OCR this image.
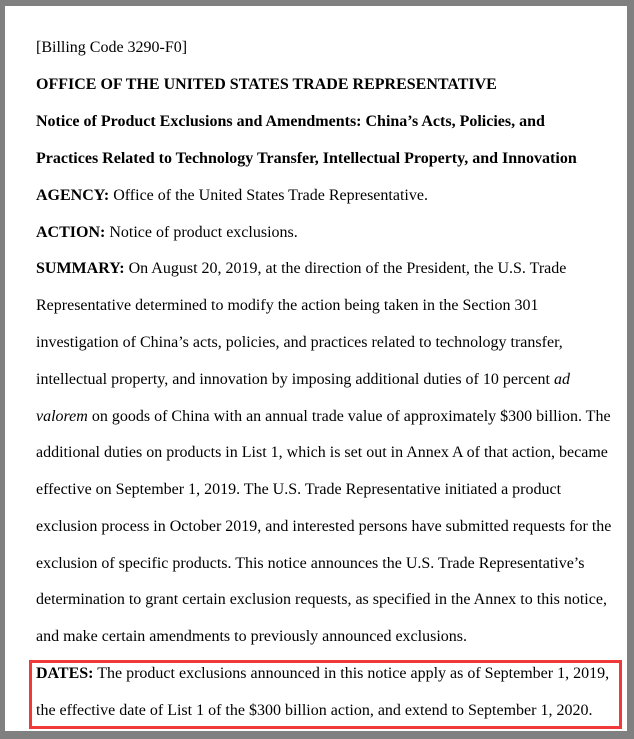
[Billing Code 3290-F0]
OFFICE OF THE UNITED STATES TRADE REPRESENTATIVE
Notice of Product Exclusions and Amendments: China’s Acts, Policies, and
Practices Related to Technology Transfer, Intellectual Property, and Innovation
AGENCY: Office of the United States Trade Representative.
ACTION: Notice of product exclusions.
SUMMARY: On August 20, 2019, at the direction of the President, the U.S. Trade
Representative determined to modify the action being taken in the Section 301
investigation of China’s acts, policies, and practices related to technology transfer,
intellectual property, and innovation by imposing additional duties of 10 percent ad
valorem on goods of China with an annual trade value of approximately $300 billion. The
additional duties on products in List 1, which is set out in Annex A of that action, became
effective on September 1, 2019. The U.S. Trade Representative initiated a product
exclusion process in October 2019, and interested persons have submitted requests for the
exclusion of specific products. This notice announces the U.S. Trade Representative’s
determination to grant certain exclusion requests, as specified in the Annex to this notice,
and make certain amendments to previously announced exclusions.
DATES: The product exclusions announced in this notice apply as of September 1, 2019,
the effective date of List 1 of the $300 billion action, and extend to September 1, 2020.
